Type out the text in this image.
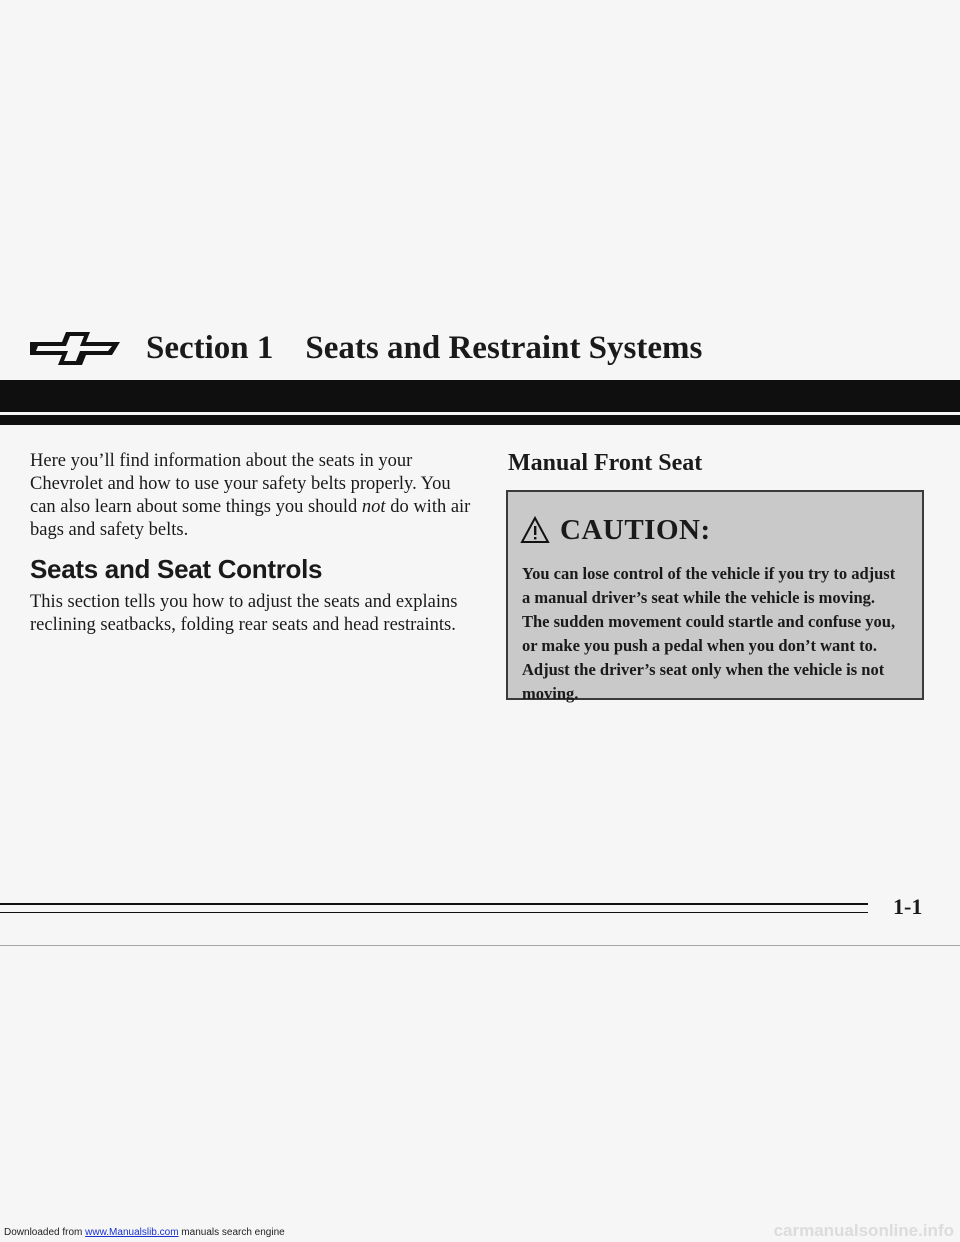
Section 1 Seats and Restraint Systems

Here you’ll find information about the seats in your Chevrolet and how to use your safety belts properly. You can also learn about some things you should not do with air bags and safety belts.

Seats and Seat Controls

This section tells you how to adjust the seats and explains reclining seatbacks, folding rear seats and head restraints.

Manual Front Seat
CAUTION:

You can lose control of the vehicle if you try to adjust a manual driver’s seat while the vehicle is moving. The sudden movement could startle and confuse you, or make you push a pedal when you don’t want to. Adjust the driver’s seat only when the vehicle is not moving.

1-1
Downloaded from www.Manualslib.com manuals search engine	carmanualsonline.info
